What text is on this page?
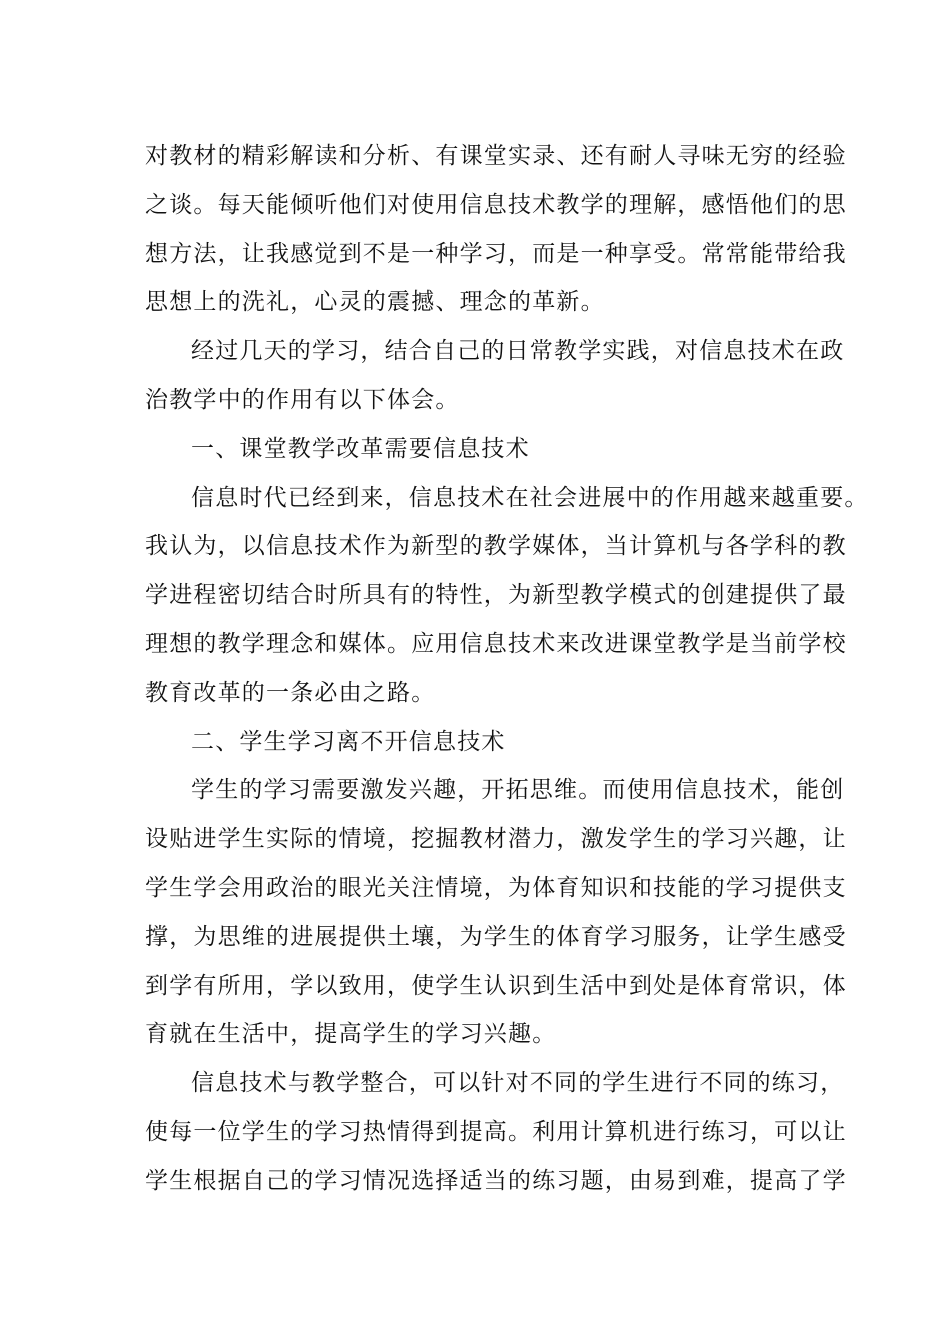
对教材的精彩解读和分析、有课堂实录、还有耐人寻味无穷的经验
之谈。每天能倾听他们对使用信息技术教学的理解，感悟他们的思
想方法，让我感觉到不是一种学习，而是一种享受。常常能带给我
思想上的洗礼，心灵的震撼、理念的革新。
经过几天的学习，结合自己的日常教学实践，对信息技术在政
治教学中的作用有以下体会。
一、课堂教学改革需要信息技术
信息时代已经到来，信息技术在社会进展中的作用越来越重要。
我认为，以信息技术作为新型的教学媒体，当计算机与各学科的教
学进程密切结合时所具有的特性，为新型教学模式的创建提供了最
理想的教学理念和媒体。应用信息技术来改进课堂教学是当前学校
教育改革的一条必由之路。
二、学生学习离不开信息技术
学生的学习需要激发兴趣，开拓思维。而使用信息技术，能创
设贴进学生实际的情境，挖掘教材潜力，激发学生的学习兴趣，让
学生学会用政治的眼光关注情境，为体育知识和技能的学习提供支
撑，为思维的进展提供土壤，为学生的体育学习服务，让学生感受
到学有所用，学以致用，使学生认识到生活中到处是体育常识，体
育就在生活中，提高学生的学习兴趣。
信息技术与教学整合，可以针对不同的学生进行不同的练习，
使每一位学生的学习热情得到提高。利用计算机进行练习，可以让
学生根据自己的学习情况选择适当的练习题，由易到难，提高了学
